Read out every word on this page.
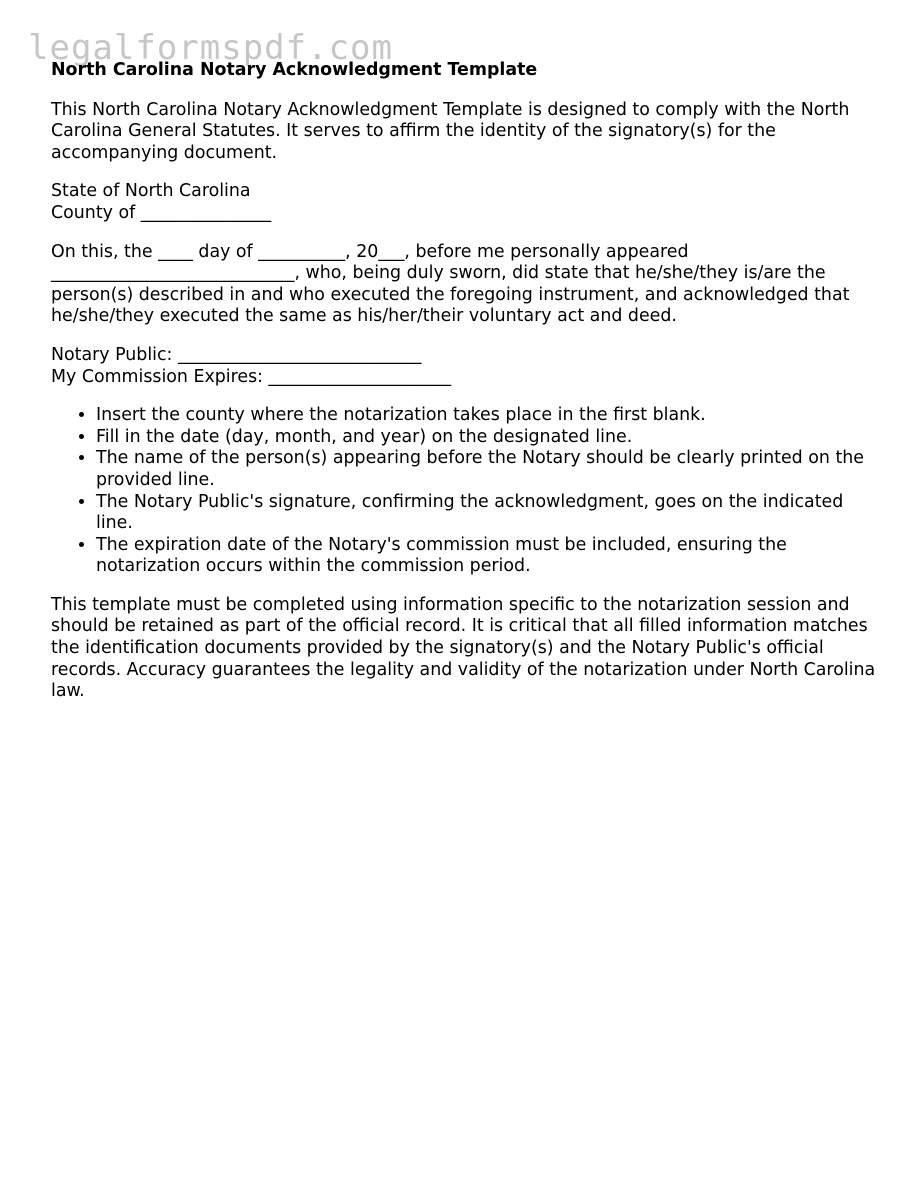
legalformspdf.com
North Carolina Notary Acknowledgment Template

This North Carolina Notary Acknowledgment Template is designed to comply with the North Carolina General Statutes. It serves to affirm the identity of the signatory(s) for the accompanying document.

State of North Carolina
County of _______________

On this, the ____ day of __________, 20___, before me personally appeared ____________________________, who, being duly sworn, did state that he/she/they is/are the person(s) described in and who executed the foregoing instrument, and acknowledged that he/she/they executed the same as his/her/their voluntary act and deed.

Notary Public: ____________________________
My Commission Expires: _____________________

• Insert the county where the notarization takes place in the first blank.
• Fill in the date (day, month, and year) on the designated line.
• The name of the person(s) appearing before the Notary should be clearly printed on the provided line.
• The Notary Public's signature, confirming the acknowledgment, goes on the indicated line.
• The expiration date of the Notary's commission must be included, ensuring the notarization occurs within the commission period.

This template must be completed using information specific to the notarization session and should be retained as part of the official record. It is critical that all filled information matches the identification documents provided by the signatory(s) and the Notary Public's official records. Accuracy guarantees the legality and validity of the notarization under North Carolina law.
